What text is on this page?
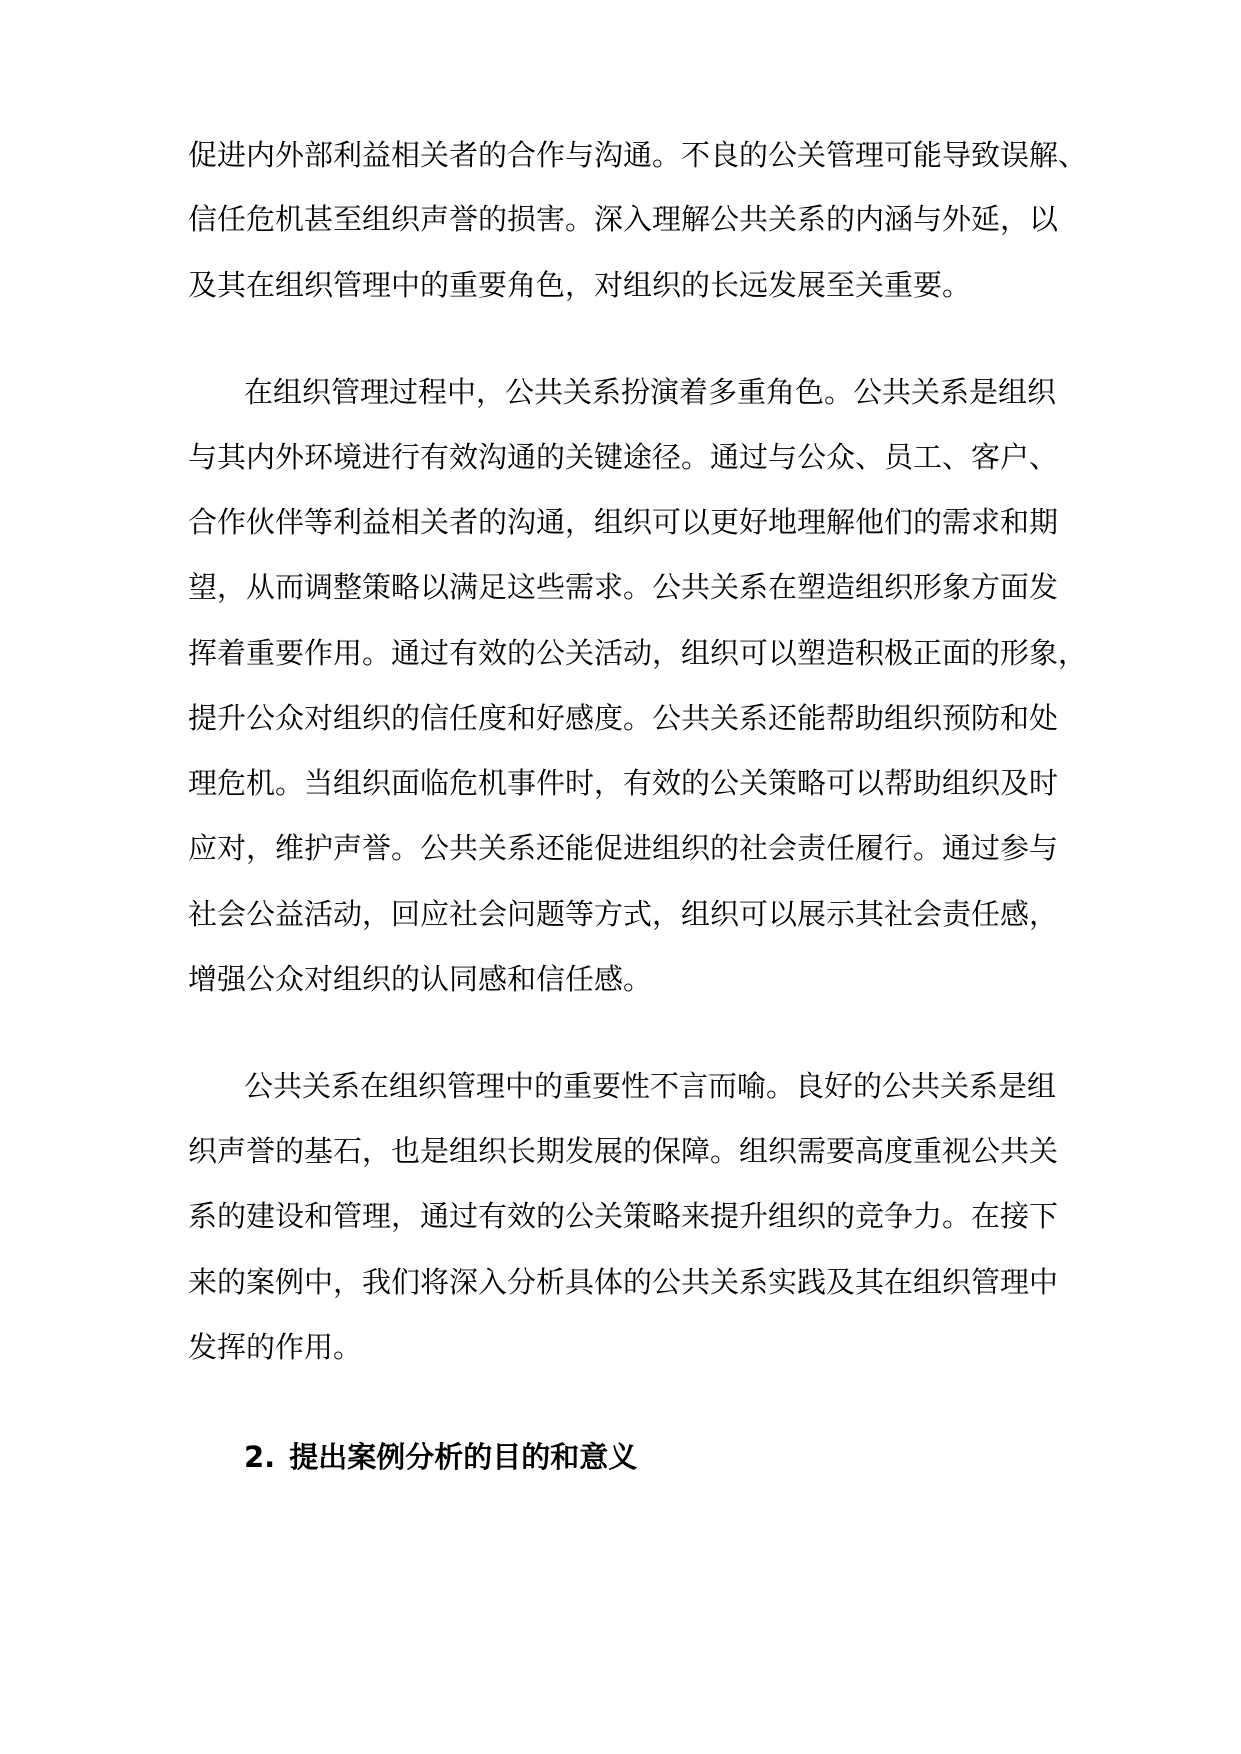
促进内外部利益相关者的合作与沟通。不良的公关管理可能导致误解、
信任危机甚至组织声誉的损害。深入理解公共关系的内涵与外延，以
及其在组织管理中的重要角色，对组织的长远发展至关重要。
在组织管理过程中，公共关系扮演着多重角色。公共关系是组织
与其内外环境进行有效沟通的关键途径。通过与公众、员工、客户、
合作伙伴等利益相关者的沟通，组织可以更好地理解他们的需求和期
望，从而调整策略以满足这些需求。公共关系在塑造组织形象方面发
挥着重要作用。通过有效的公关活动，组织可以塑造积极正面的形象，
提升公众对组织的信任度和好感度。公共关系还能帮助组织预防和处
理危机。当组织面临危机事件时，有效的公关策略可以帮助组织及时
应对，维护声誉。公共关系还能促进组织的社会责任履行。通过参与
社会公益活动，回应社会问题等方式，组织可以展示其社会责任感，
增强公众对组织的认同感和信任感。
公共关系在组织管理中的重要性不言而喻。良好的公共关系是组
织声誉的基石，也是组织长期发展的保障。组织需要高度重视公共关
系的建设和管理，通过有效的公关策略来提升组织的竞争力。在接下
来的案例中，我们将深入分析具体的公共关系实践及其在组织管理中
发挥的作用。
2. 提出案例分析的目的和意义
